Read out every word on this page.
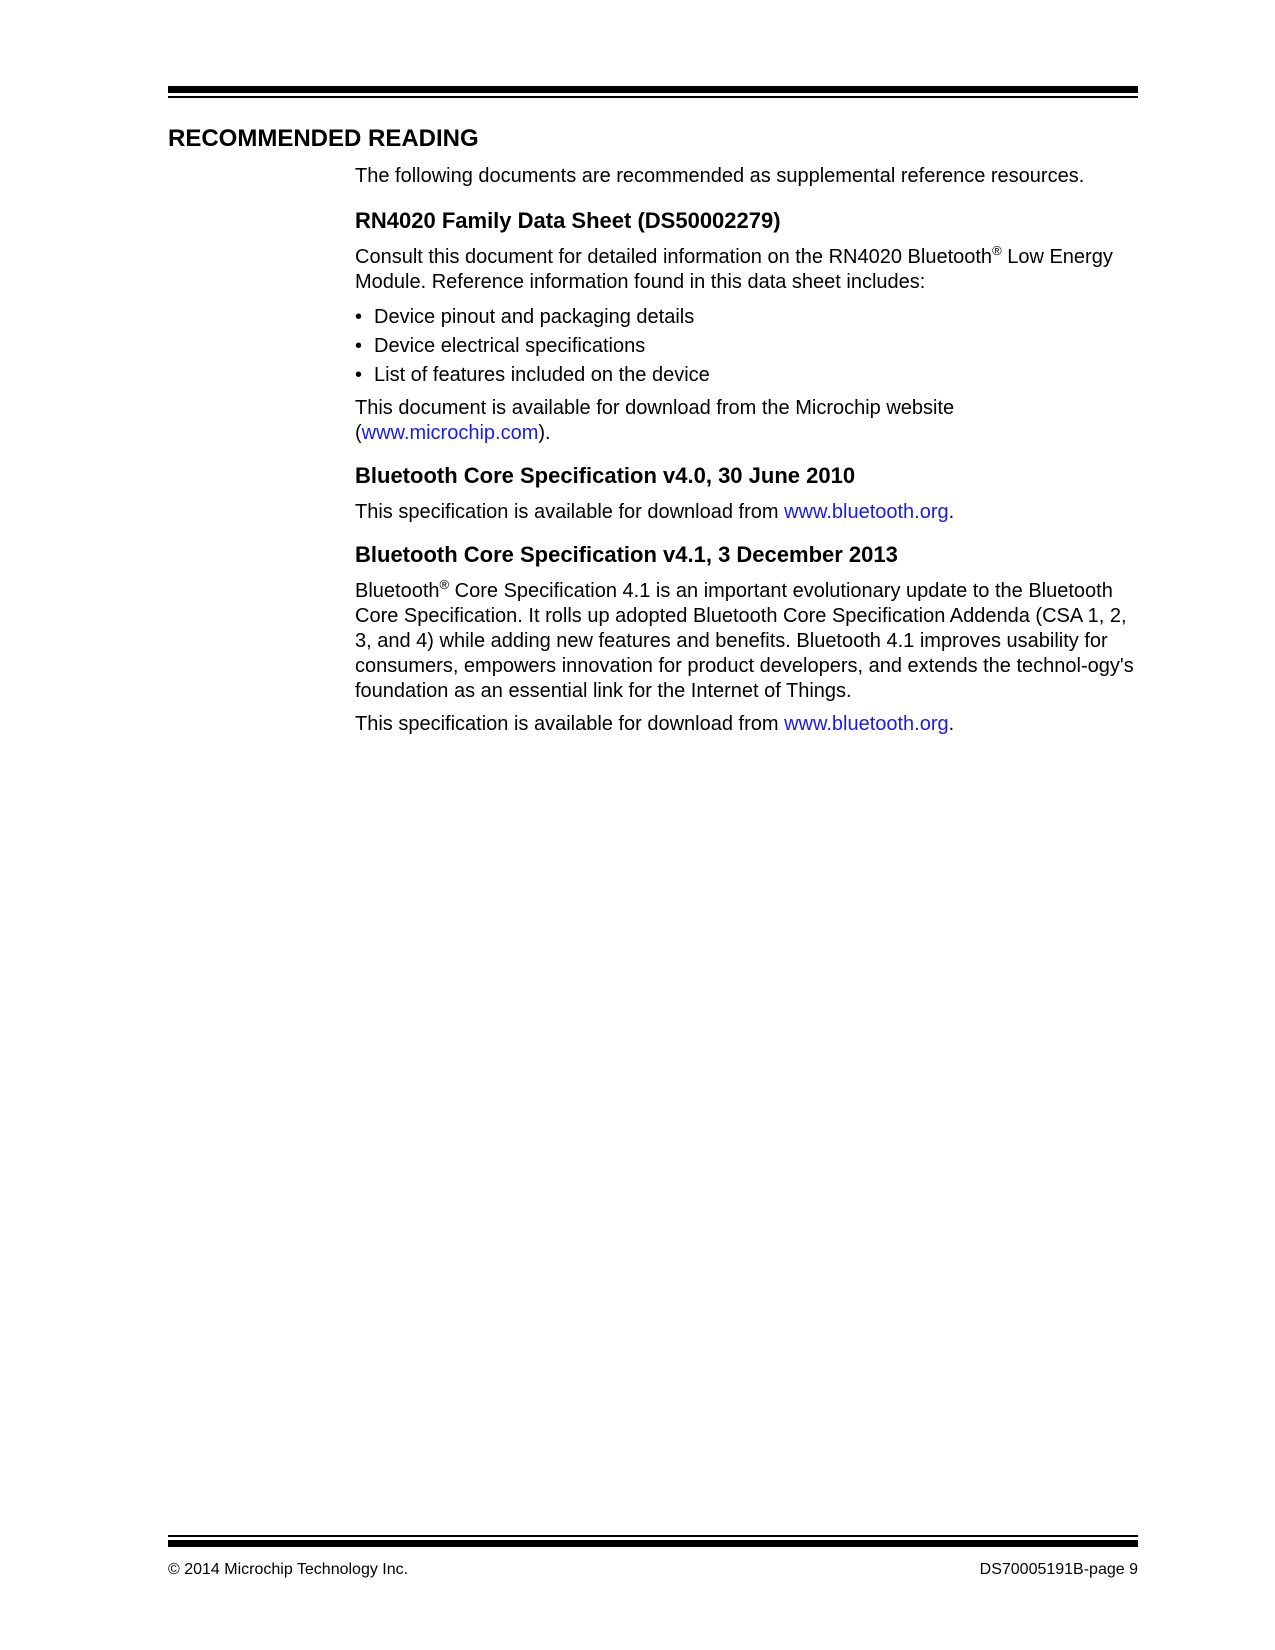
RECOMMENDED READING

The following documents are recommended as supplemental reference resources.

RN4020 Family Data Sheet (DS50002279)

Consult this document for detailed information on the RN4020 Bluetooth® Low Energy Module. Reference information found in this data sheet includes:

• Device pinout and packaging details
• Device electrical specifications
• List of features included on the device

This document is available for download from the Microchip website (www.microchip.com).

Bluetooth Core Specification v4.0, 30 June 2010

This specification is available for download from www.bluetooth.org.

Bluetooth Core Specification v4.1, 3 December 2013

Bluetooth® Core Specification 4.1 is an important evolutionary update to the Bluetooth Core Specification. It rolls up adopted Bluetooth Core Specification Addenda (CSA 1, 2, 3, and 4) while adding new features and benefits. Bluetooth 4.1 improves usability for consumers, empowers innovation for product developers, and extends the technol-ogy's foundation as an essential link for the Internet of Things.

This specification is available for download from www.bluetooth.org.

© 2014 Microchip Technology Inc.	DS70005191B-page 9
